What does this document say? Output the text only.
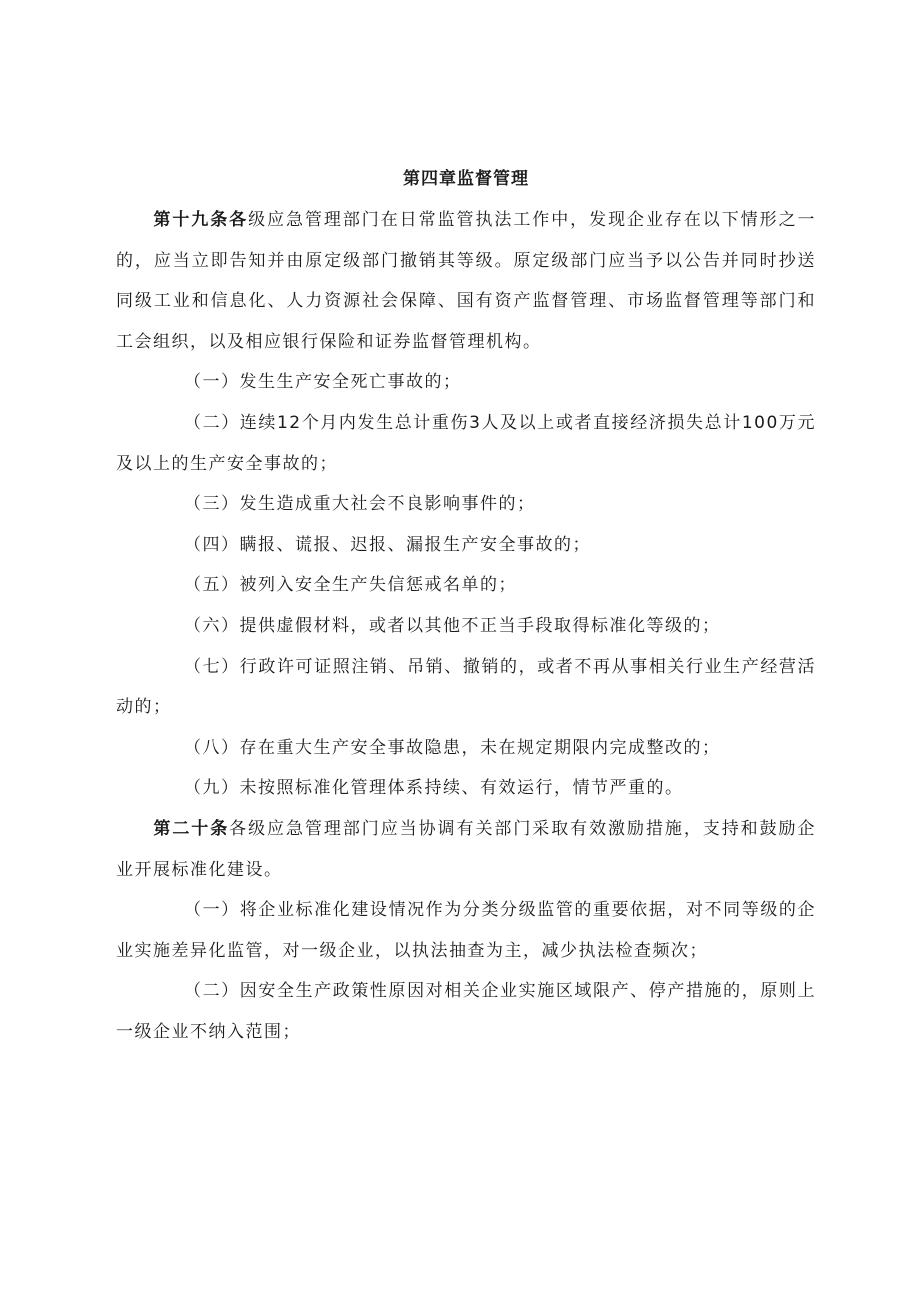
第四章监督管理

第十九条各级应急管理部门在日常监管执法工作中，发现企业存在以下情形之一的，应当立即告知并由原定级部门撤销其等级。原定级部门应当予以公告并同时抄送同级工业和信息化、人力资源社会保障、国有资产监督管理、市场监督管理等部门和工会组织，以及相应银行保险和证券监督管理机构。

（一）发生生产安全死亡事故的；

（二）连续12个月内发生总计重伤3人及以上或者直接经济损失总计100万元及以上的生产安全事故的；

（三）发生造成重大社会不良影响事件的；

（四）瞒报、谎报、迟报、漏报生产安全事故的；

（五）被列入安全生产失信惩戒名单的；

（六）提供虚假材料，或者以其他不正当手段取得标准化等级的；

（七）行政许可证照注销、吊销、撤销的，或者不再从事相关行业生产经营活动的；

（八）存在重大生产安全事故隐患，未在规定期限内完成整改的；

（九）未按照标准化管理体系持续、有效运行，情节严重的。

第二十条各级应急管理部门应当协调有关部门采取有效激励措施，支持和鼓励企业开展标准化建设。

（一）将企业标准化建设情况作为分类分级监管的重要依据，对不同等级的企业实施差异化监管，对一级企业，以执法抽查为主，减少执法检查频次；

（二）因安全生产政策性原因对相关企业实施区域限产、停产措施的，原则上一级企业不纳入范围；
